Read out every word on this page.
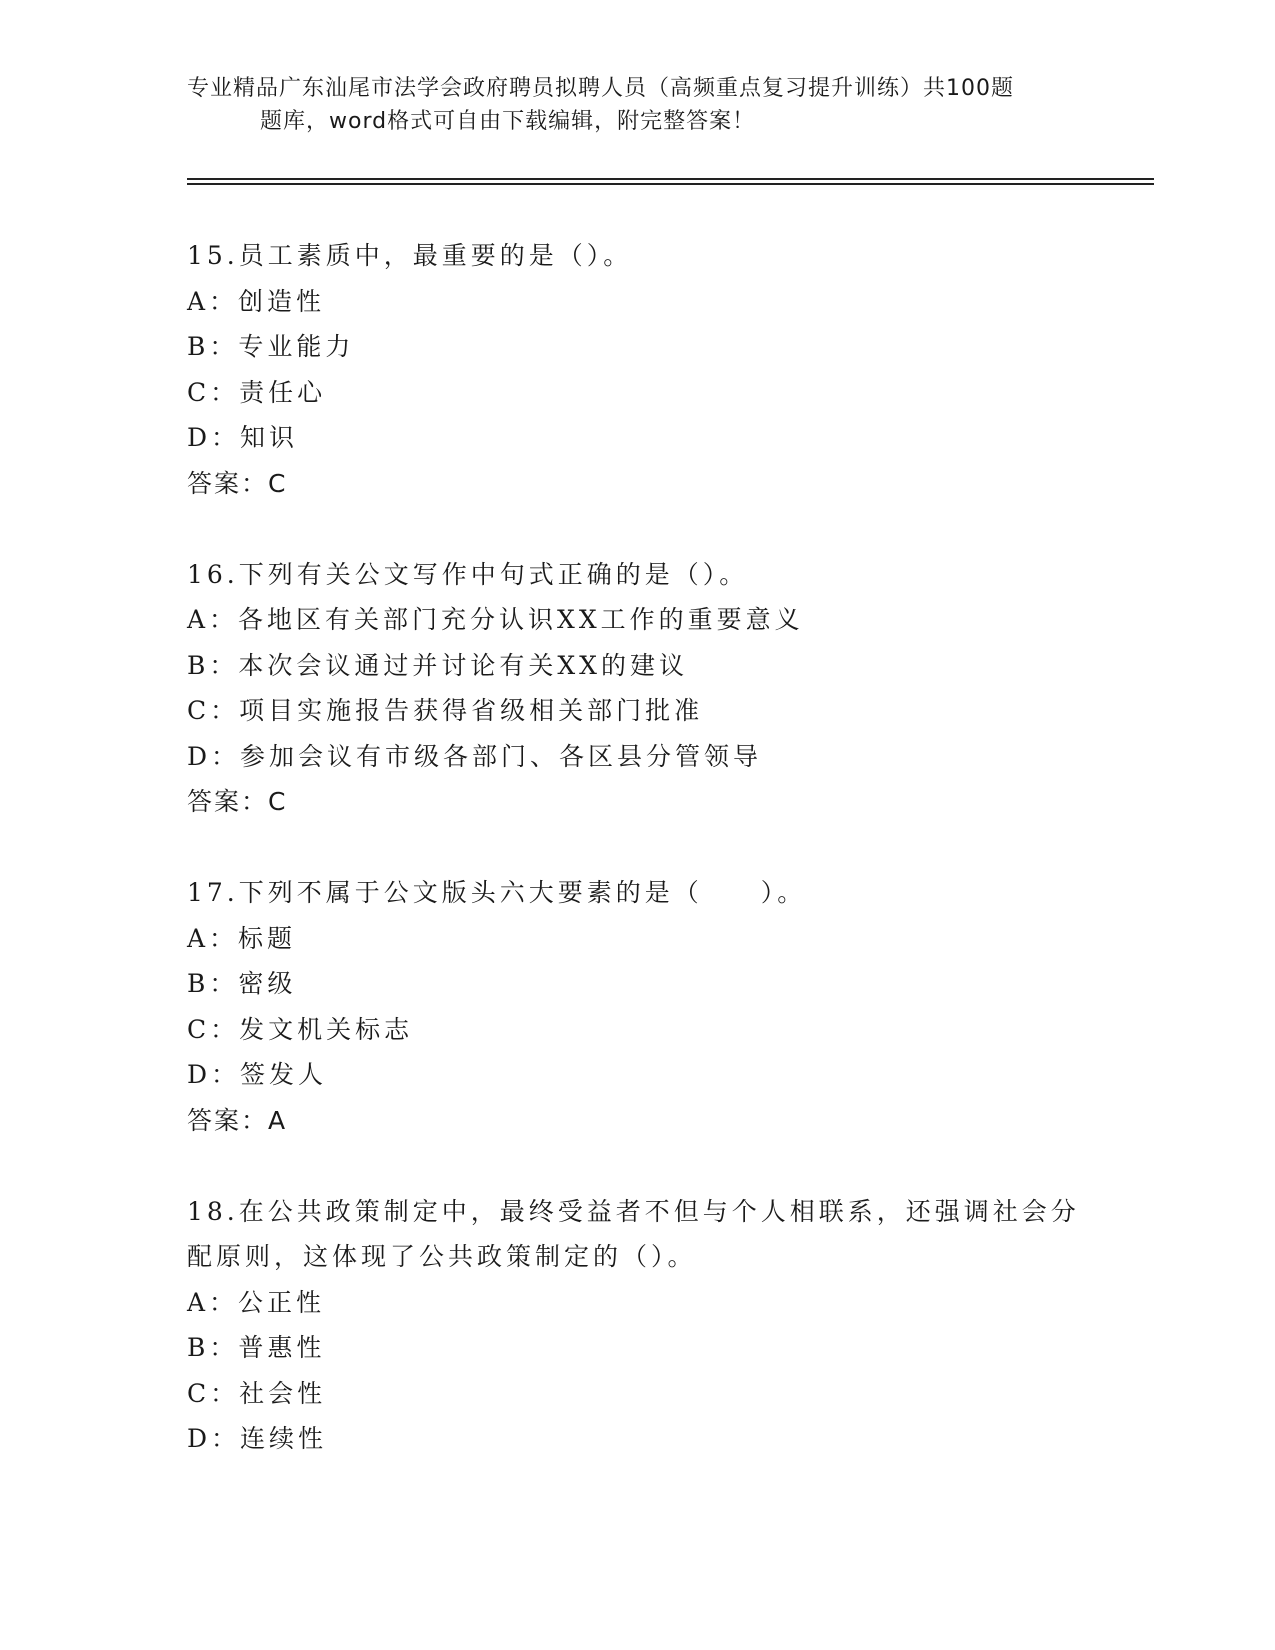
专业精品广东汕尾市法学会政府聘员拟聘人员（高频重点复习提升训练）共100题
题库，word格式可自由下载编辑，附完整答案！
15.员工素质中，最重要的是（）。
A：创造性
B：专业能力
C：责任心
D：知识
答案：C
16.下列有关公文写作中句式正确的是（）。
A：各地区有关部门充分认识XX工作的重要意义
B：本次会议通过并讨论有关XX的建议
C：项目实施报告获得省级相关部门批准
D：参加会议有市级各部门、各区县分管领导
答案：C
17.下列不属于公文版头六大要素的是（　　）。
A：标题
B：密级
C：发文机关标志
D：签发人
答案：A
18.在公共政策制定中，最终受益者不但与个人相联系，还强调社会分
配原则，这体现了公共政策制定的（）。
A：公正性
B：普惠性
C：社会性
D：连续性
